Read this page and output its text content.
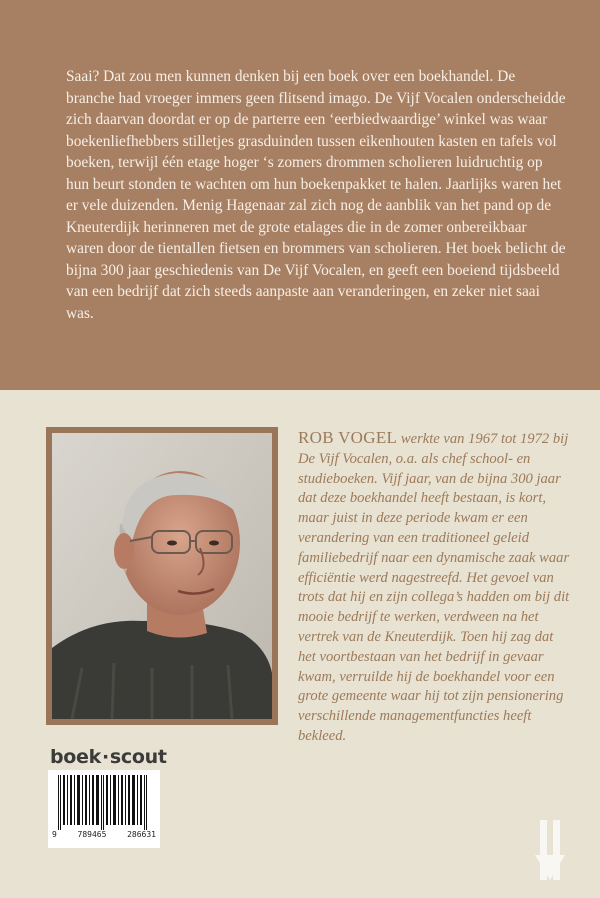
Saai? Dat zou men kunnen denken bij een boek over een boekhandel. De branche had vroeger immers geen flitsend imago. De Vijf Vocalen onderscheidde zich daarvan doordat er op de parterre een ‘eerbiedwaardige’ winkel was waar boekenliefhebbers stilletjes grasduinden tussen eikenhouten kasten en tafels vol boeken, terwijl één etage hoger ‘s zomers drommen scholieren luidruchtig op hun beurt stonden te wachten om hun boekenpakket te halen. Jaarlijks waren het er vele duizenden. Menig Hagenaar zal zich nog de aanblik van het pand op de Kneuterdijk herinneren met de grote etalages die in de zomer onbereikbaar waren door de tientallen fietsen en brommers van scholieren. Het boek belicht de bijna 300 jaar geschiedenis van De Vijf Vocalen, en geeft een boeiend tijdsbeeld van een bedrijf dat zich steeds aanpaste aan veranderingen, en zeker niet saai was.

ROB VOGEL werkte van 1967 tot 1972 bij De Vijf Vocalen, o.a. als chef school- en studieboeken. Vijf jaar, van de bijna 300 jaar dat deze boekhandel heeft bestaan, is kort, maar juist in deze periode kwam er een verandering van een traditioneel geleid familiebedrijf naar een dynamische zaak waar efficiëntie werd nagestreefd. Het gevoel van trots dat hij en zijn collega’s hadden om bij dit mooie bedrijf te werken, verdween na het vertrek van de Kneuterdijk. Toen hij zag dat het voortbestaan van het bedrijf in gevaar kwam, verruilde hij de boekhandel voor een grote gemeente waar hij tot zijn pensionering verschillende managementfuncties heeft bekleed.

boek·scout
9	789465	286631
